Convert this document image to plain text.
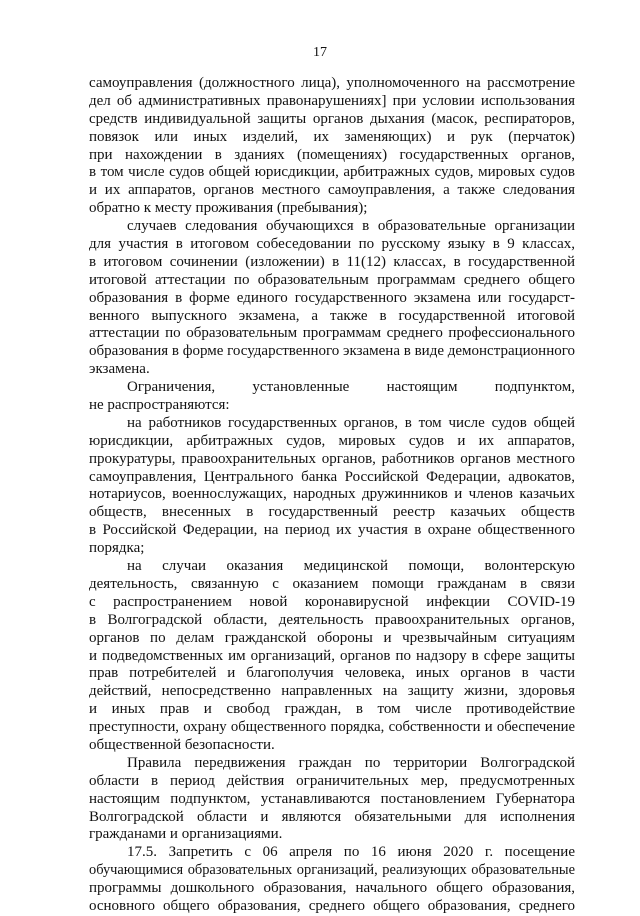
17
самоуправления (должностного лица), уполномоченного на рассмотрение
дел об административных правонарушениях] при условии использования
средств индивидуальной защиты органов дыхания (масок, респираторов,
повязок или иных изделий, их заменяющих) и рук (перчаток)
при нахождении в зданиях (помещениях) государственных органов,
в том числе судов общей юрисдикции, арбитражных судов, мировых судов
и их аппаратов, органов местного самоуправления, а также следования
обратно к месту проживания (пребывания);
случаев следования обучающихся в образовательные организации
для участия в итоговом собеседовании по русскому языку в 9 классах,
в итоговом сочинении (изложении) в 11(12) классах, в государственной
итоговой аттестации по образовательным программам среднего общего
образования в форме единого государственного экзамена или государст-
венного выпускного экзамена, а также в государственной итоговой
аттестации по образовательным программам среднего профессионального
образования в форме государственного экзамена в виде демонстрационного
экзамена.
Ограничения, установленные настоящим подпунктом,
не распространяются:
на работников государственных органов, в том числе судов общей
юрисдикции, арбитражных судов, мировых судов и их аппаратов,
прокуратуры, правоохранительных органов, работников органов местного
самоуправления, Центрального банка Российской Федерации, адвокатов,
нотариусов, военнослужащих, народных дружинников и членов казачьих
обществ, внесенных в государственный реестр казачьих обществ
в Российской Федерации, на период их участия в охране общественного
порядка;
на случаи оказания медицинской помощи, волонтерскую
деятельность, связанную с оказанием помощи гражданам в связи
с распространением новой коронавирусной инфекции COVID-19
в Волгоградской области, деятельность правоохранительных органов,
органов по делам гражданской обороны и чрезвычайным ситуациям
и подведомственных им организаций, органов по надзору в сфере защиты
прав потребителей и благополучия человека, иных органов в части
действий, непосредственно направленных на защиту жизни, здоровья
и иных прав и свобод граждан, в том числе противодействие
преступности, охрану общественного порядка, собственности и обеспечение
общественной безопасности.
Правила передвижения граждан по территории Волгоградской
области в период действия ограничительных мер, предусмотренных
настоящим подпунктом, устанавливаются постановлением Губернатора
Волгоградской области и являются обязательными для исполнения
гражданами и организациями.
17.5. Запретить с 06 апреля по 16 июня 2020 г. посещение
обучающимися образовательных организаций, реализующих образовательные
программы дошкольного образования, начального общего образования,
основного общего образования, среднего общего образования, среднего
